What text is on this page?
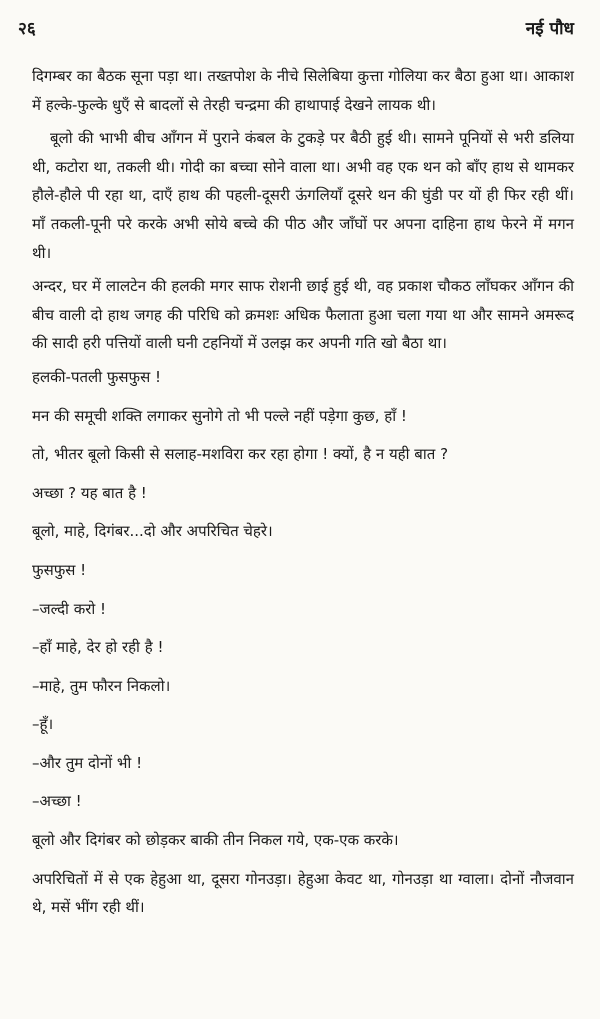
२६	नई पौध

दिगम्बर का बैठक सूना पड़ा था। तख्तपोश के नीचे सिलेबिया कुत्ता गोलिया कर बैठा हुआ था। आकाश में हल्के-फुल्के धुएँ से बादलों से तेरही चन्द्रमा की हाथापाई देखने लायक थी।

बूलो की भाभी बीच आँगन में पुराने कंबल के टुकड़े पर बैठी हुई थी। सामने पूनियों से भरी डलिया थी, कटोरा था, तकली थी। गोदी का बच्चा सोने वाला था। अभी वह एक थन को बाँए हाथ से थामकर हौले-हौले पी रहा था, दाएँ हाथ की पहली-दूसरी ऊंगलियाँ दूसरे थन की घुंडी पर यों ही फिर रही थीं। माँ तकली-पूनी परे करके अभी सोये बच्चे की पीठ और जाँघों पर अपना दाहिना हाथ फेरने में मगन थी।

अन्दर, घर में लालटेन की हलकी मगर साफ रोशनी छाई हुई थी, वह प्रकाश चौकठ लाँघकर आँगन की बीच वाली दो हाथ जगह की परिधि को क्रमशः अधिक फैलाता हुआ चला गया था और सामने अमरूद की सादी हरी पत्तियों वाली घनी टहनियों में उलझ कर अपनी गति खो बैठा था।

हलकी-पतली फुसफुस !
मन की समूची शक्ति लगाकर सुनोगे तो भी पल्ले नहीं पड़ेगा कुछ, हाँ !
तो, भीतर बूलो किसी से सलाह-मशविरा कर रहा होगा ! क्यों, है न यही बात ?
अच्छा ? यह बात है !
बूलो, माहे, दिगंबर...दो और अपरिचित चेहरे।
फुसफुस !
–जल्दी करो !
–हाँ माहे, देर हो रही है !
–माहे, तुम फौरन निकलो।
–हूँ।
–और तुम दोनों भी !
–अच्छा !
बूलो और दिगंबर को छोड़कर बाकी तीन निकल गये, एक-एक करके।

अपरिचितों में से एक हेहुआ था, दूसरा गोनउड़ा। हेहुआ केवट था, गोनउड़ा था ग्वाला। दोनों नौजवान थे, मसें भींग रही थीं।
